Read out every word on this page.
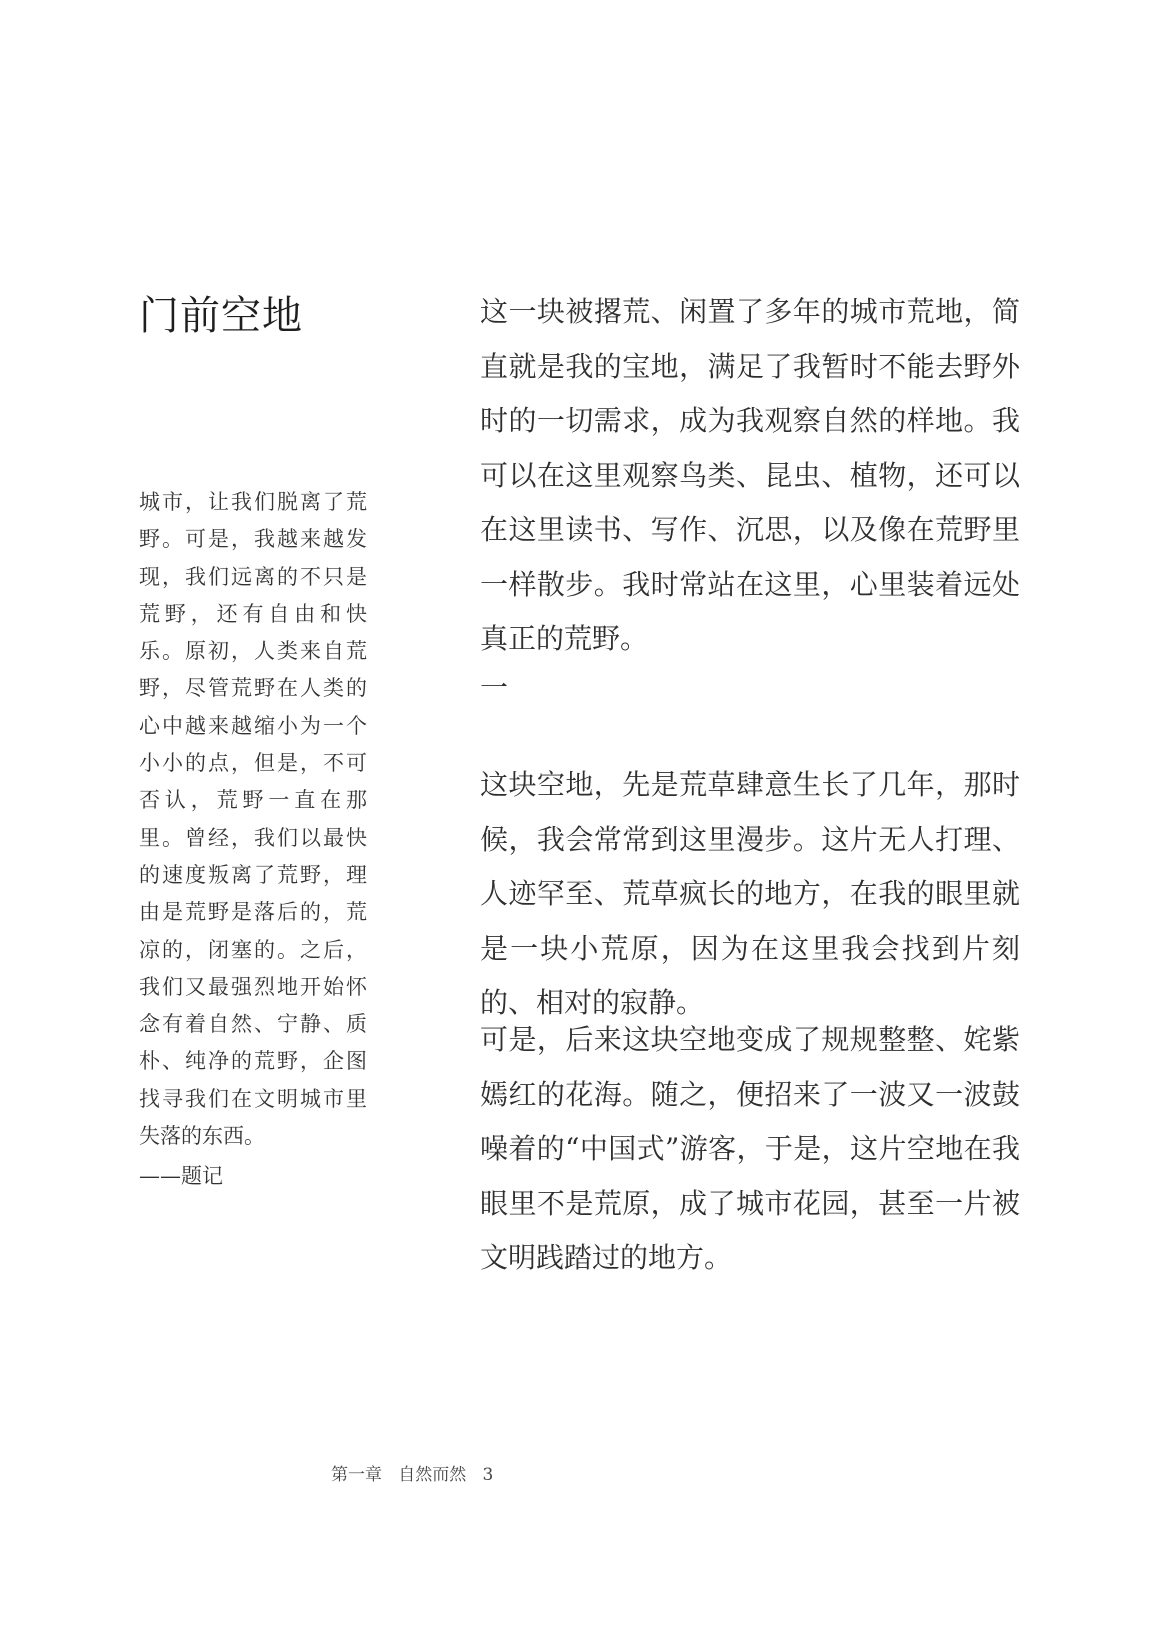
门前空地

城市，让我们脱离了荒野。可是，我越来越发现，我们远离的不只是荒野，还有自由和快乐。原初，人类来自荒野，尽管荒野在人类的心中越来越缩小为一个小小的点，但是，不可否认，荒野一直在那里。曾经，我们以最快的速度叛离了荒野，理由是荒野是落后的，荒凉的，闭塞的。之后，我们又最强烈地开始怀念有着自然、宁静、质朴、纯净的荒野，企图找寻我们在文明城市里失落的东西。

——题记

这一块被撂荒、闲置了多年的城市荒地，简直就是我的宝地，满足了我暂时不能去野外时的一切需求，成为我观察自然的样地。我可以在这里观察鸟类、昆虫、植物，还可以在这里读书、写作、沉思，以及像在荒野里一样散步。我时常站在这里，心里装着远处真正的荒野。

一

这块空地，先是荒草肆意生长了几年，那时候，我会常常到这里漫步。这片无人打理、人迹罕至、荒草疯长的地方，在我的眼里就是一块小荒原，因为在这里我会找到片刻的、相对的寂静。

可是，后来这块空地变成了规规整整、姹紫嫣红的花海。随之，便招来了一波又一波鼓噪着的“中国式”游客，于是，这片空地在我眼里不是荒原，成了城市花园，甚至一片被文明践踏过的地方。

第一章 自然而然 3
